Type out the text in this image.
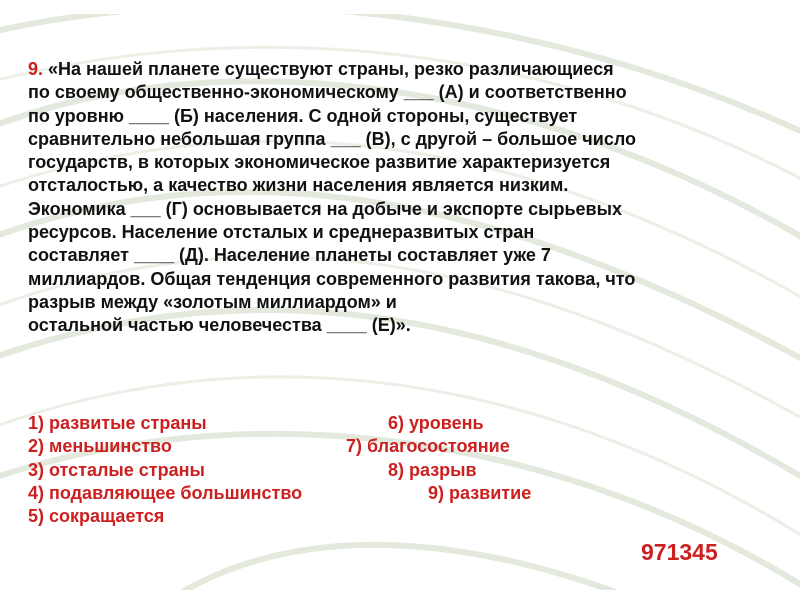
9. «На нашей планете существуют страны, резко различающиеся
по своему общественно-экономическому ___ (А) и соответственно
по уровню ____ (Б) населения. С одной стороны, существует
сравнительно небольшая группа ___ (В), с другой – большое число
государств, в которых экономическое развитие характеризуется
отсталостью, а качество жизни населения является низким.
Экономика ___ (Г) основывается на добыче и экспорте сырьевых
ресурсов. Население отсталых и среднеразвитых стран
составляет ____ (Д). Население планеты составляет уже 7
миллиардов. Общая тенденция современного развития такова, что
разрыв между «золотым миллиардом» и
остальной частью человечества ____ (Е)».
1) развитые страны	6) уровень
2) меньшинство	7) благосостояние
3) отсталые страны	8) разрыв
4) подавляющее большинство	9) развитие
5) сокращается
971345
